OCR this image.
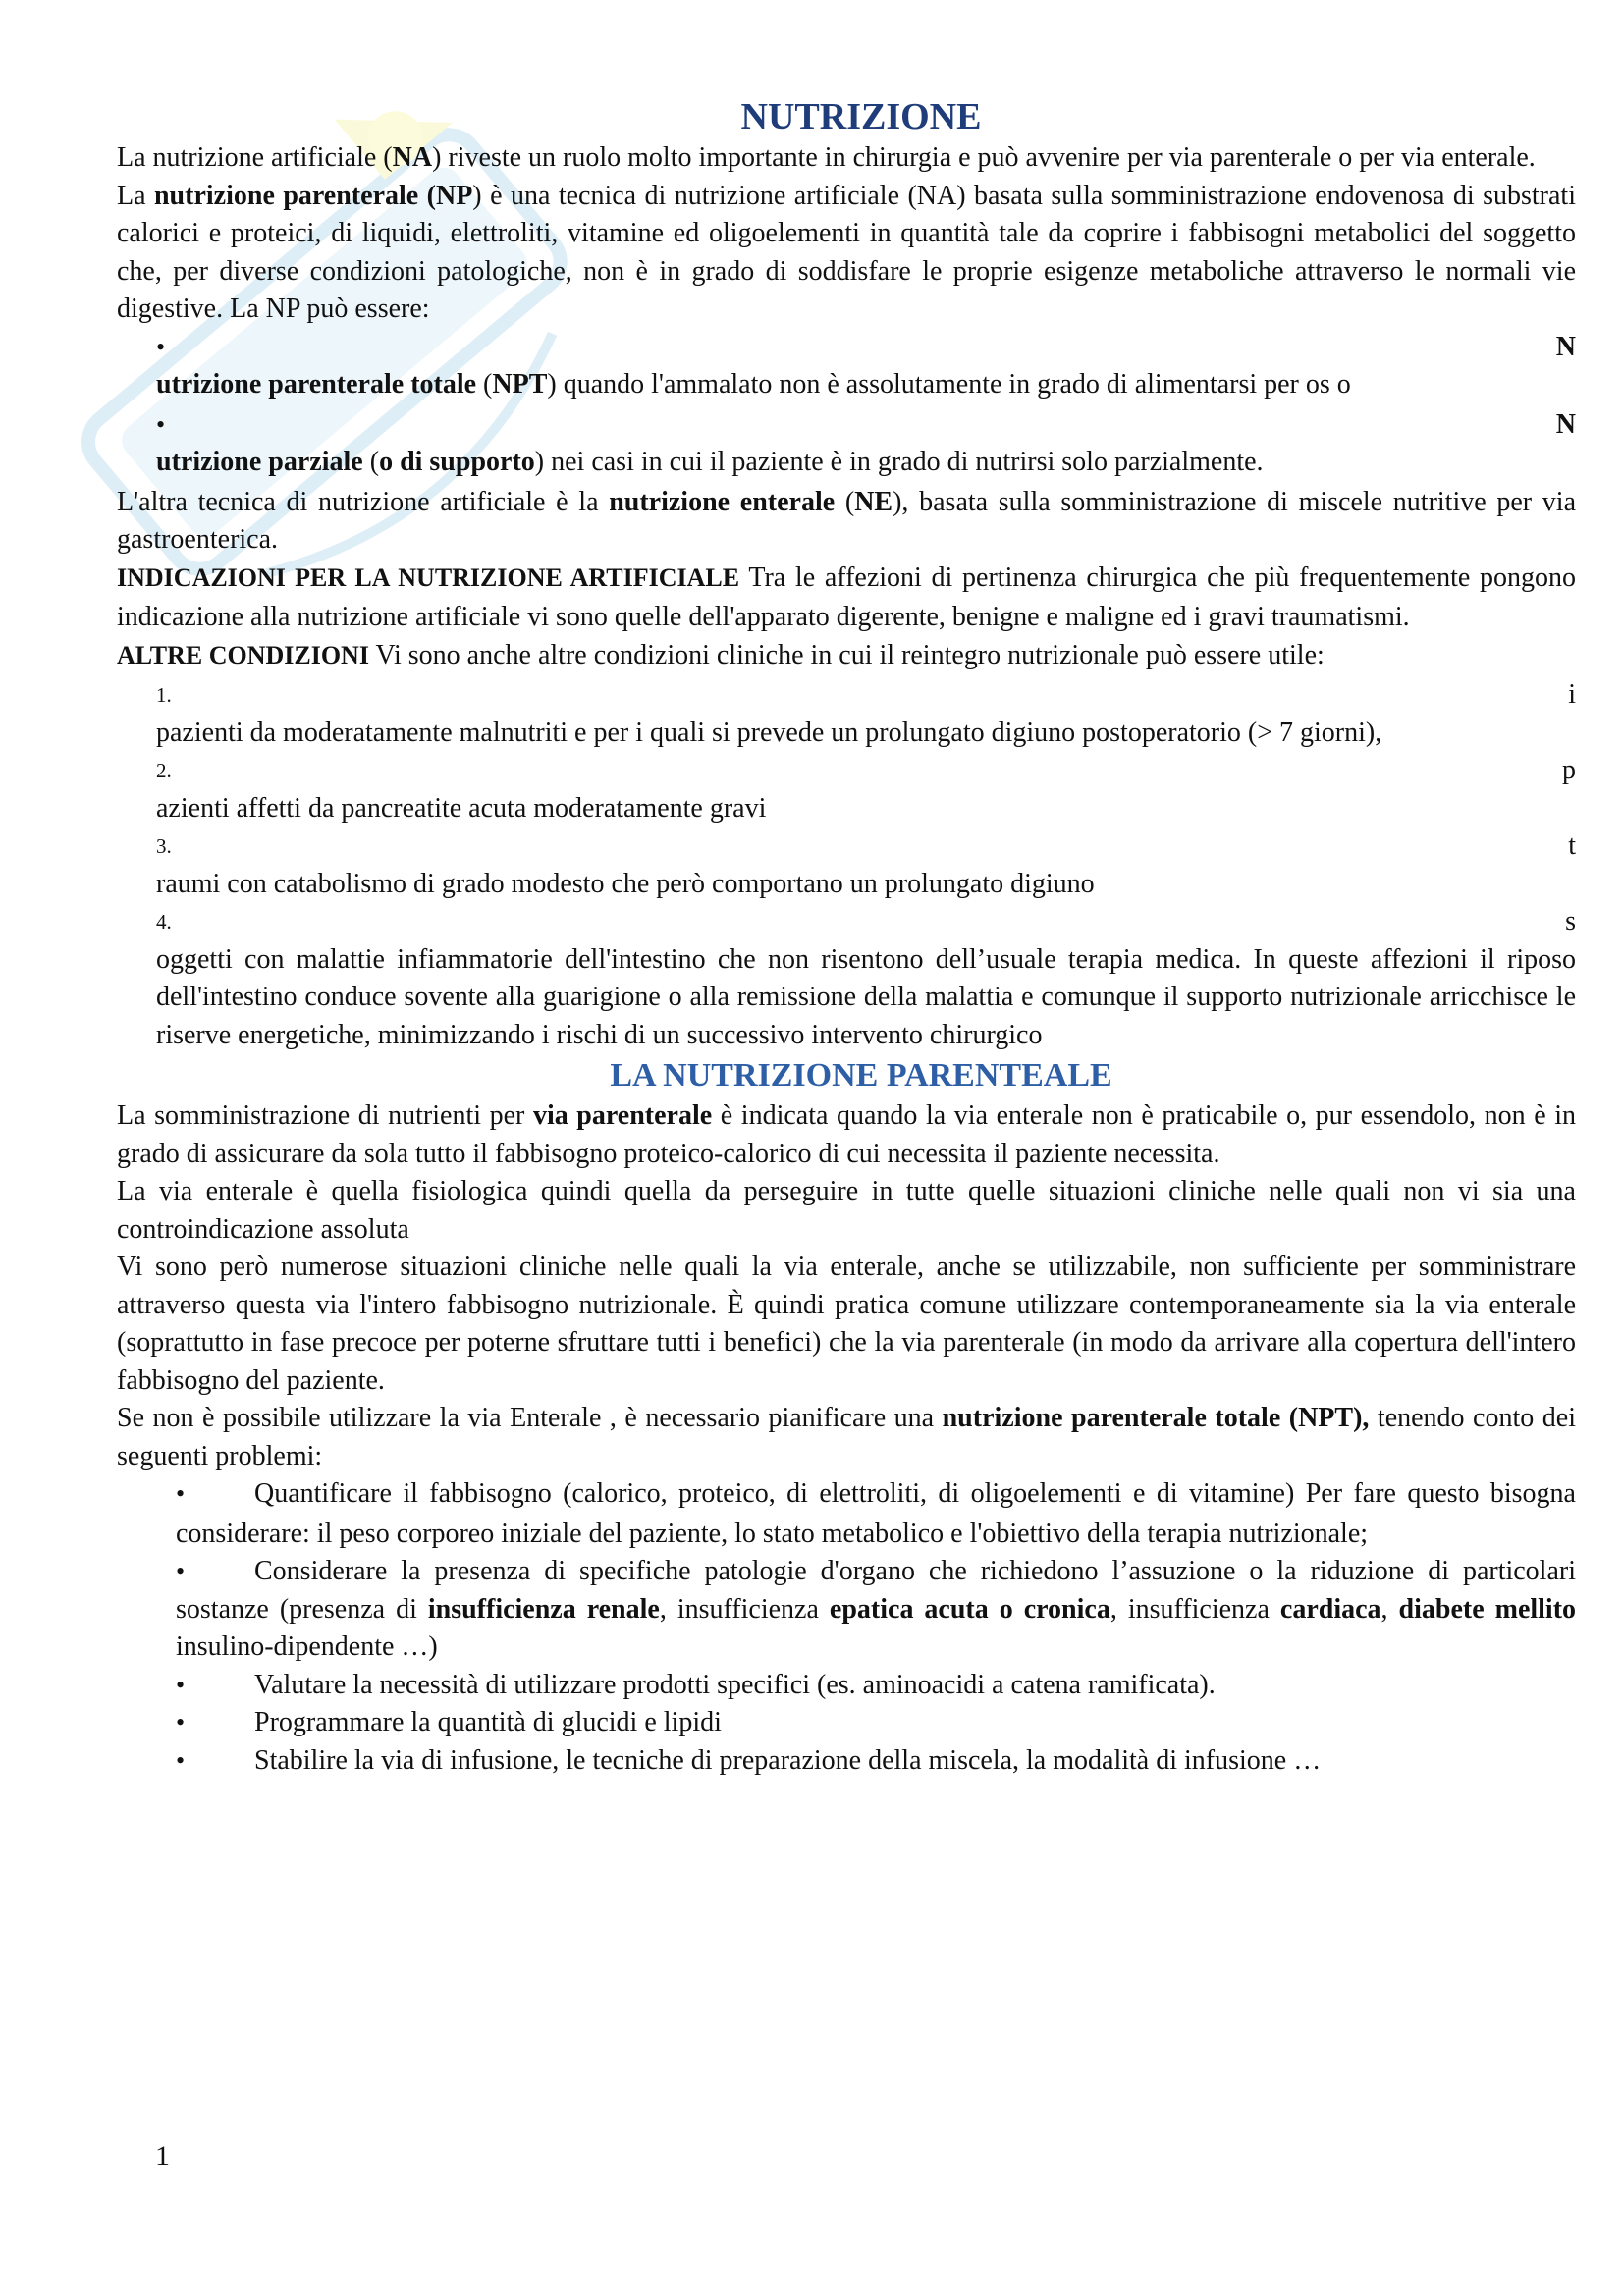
NUTRIZIONE

La nutrizione artificiale (NA) riveste un ruolo molto importante in chirurgia e può avvenire per via parenterale o per via enterale.

La nutrizione parenterale (NP) è una tecnica di nutrizione artificiale (NA) basata sulla somministrazione endovenosa di substrati calorici e proteici, di liquidi, elettroliti, vitamine ed oligoelementi in quantità tale da coprire i fabbisogni metabolici del soggetto che, per diverse condizioni patologiche, non è in grado di soddisfare le proprie esigenze metaboliche attraverso le normali vie digestive. La NP può essere:

•	N

utrizione parenterale totale (NPT) quando l'ammalato non è assolutamente in grado di alimentarsi per os o

•	N

utrizione parziale (o di supporto) nei casi in cui il paziente è in grado di nutrirsi solo parzialmente.

L'altra tecnica di nutrizione artificiale è la nutrizione enterale (NE), basata sulla somministrazione di miscele nutritive per via gastroenterica.

INDICAZIONI PER LA NUTRIZIONE ARTIFICIALE Tra le affezioni di pertinenza chirurgica che più frequentemente pongono indicazione alla nutrizione artificiale vi sono quelle dell'apparato digerente, benigne e maligne ed i gravi traumatismi.

ALTRE CONDIZIONI Vi sono anche altre condizioni cliniche in cui il reintegro nutrizionale può essere utile:

1.	i

pazienti da moderatamente malnutriti e per i quali si prevede un prolungato digiuno postoperatorio (> 7 giorni),

2.	p

azienti affetti da pancreatite acuta moderatamente gravi

3.	t

raumi con catabolismo di grado modesto che però comportano un prolungato digiuno

4.	s

oggetti con malattie infiammatorie dell'intestino che non risentono dell’usuale terapia medica. In queste affezioni il riposo dell'intestino conduce sovente alla guarigione o alla remissione della malattia e comunque il supporto nutrizionale arricchisce le riserve energetiche, minimizzando i rischi di un successivo intervento chirurgico

LA NUTRIZIONE PARENTEALE

La somministrazione di nutrienti per via parenterale è indicata quando la via enterale non è praticabile o, pur essendolo, non è in grado di assicurare da sola tutto il fabbisogno proteico-calorico di cui necessita il paziente necessita.

La via enterale è quella fisiologica quindi quella da perseguire in tutte quelle situazioni cliniche nelle quali non vi sia una controindicazione assoluta

Vi sono però numerose situazioni cliniche nelle quali la via enterale, anche se utilizzabile, non sufficiente per somministrare attraverso questa via l'intero fabbisogno nutrizionale. È quindi pratica comune utilizzare contemporaneamente sia la via enterale (soprattutto in fase precoce per poterne sfruttare tutti i benefici) che la via parenterale (in modo da arrivare alla copertura dell'intero fabbisogno del paziente.

Se non è possibile utilizzare la via Enterale , è necessario pianificare una nutrizione parenterale totale (NPT), tenendo conto dei seguenti problemi:

•	Quantificare il fabbisogno (calorico, proteico, di elettroliti, di oligoelementi e di vitamine) Per fare questo bisogna considerare: il peso corporeo iniziale del paziente, lo stato metabolico e l'obiettivo della terapia nutrizionale;
•	Considerare la presenza di specifiche patologie d'organo che richiedono l’assuzione o la riduzione di particolari sostanze (presenza di insufficienza renale, insufficienza epatica acuta o cronica, insufficienza cardiaca, diabete mellito insulino-dipendente …)
•	Valutare la necessità di utilizzare prodotti specifici (es. aminoacidi a catena ramificata).
•	Programmare la quantità di glucidi e lipidi
•	Stabilire la via di infusione, le tecniche di preparazione della miscela, la modalità di infusione …
1
